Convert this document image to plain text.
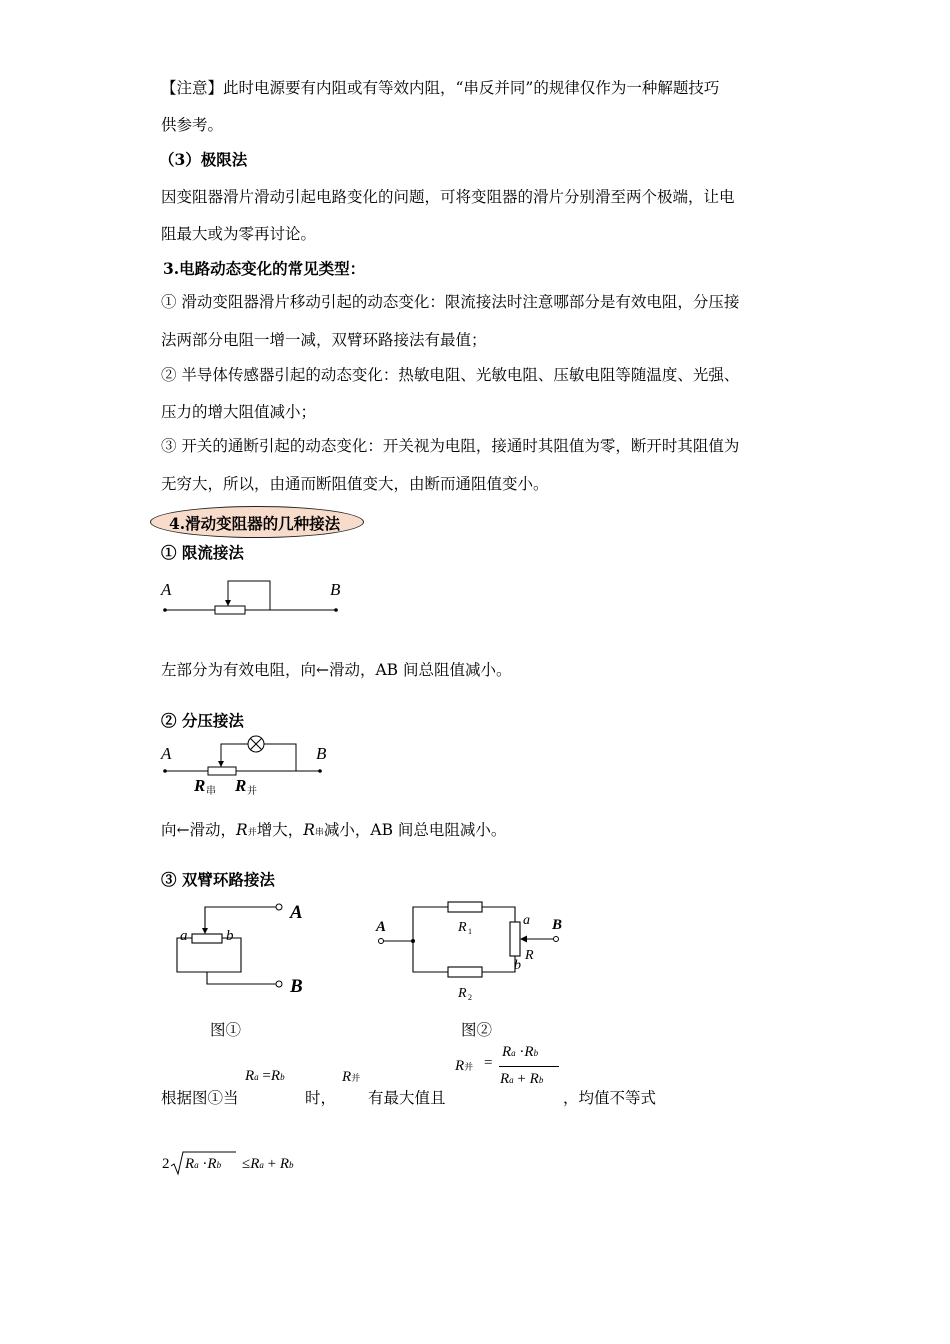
【注意】此时电源要有内阻或有等效内阻，“串反并同”的规律仅作为一种解题技巧
供参考。
（3）极限法
因变阻器滑片滑动引起电路变化的问题，可将变阻器的滑片分别滑至两个极端，让电
阻最大或为零再讨论。
3.电路动态变化的常见类型：
① 滑动变阻器滑片移动引起的动态变化：限流接法时注意哪部分是有效电阻，分压接
法两部分电阻一增一减，双臂环路接法有最值；
② 半导体传感器引起的动态变化：热敏电阻、光敏电阻、压敏电阻等随温度、光强、
压力的增大阻值减小；
③ 开关的通断引起的动态变化：开关视为电阻，接通时其阻值为零，断开时其阻值为
无穷大，所以，由通而断阻值变大，由断而通阻值变小。
4.滑动变阻器的几种接法
① 限流接法
A	B
左部分为有效电阻，向←滑动，AB 间总阻值减小。
② 分压接法
A	B
R 串 R 并
向←滑动，R并增大，R串减小，AB 间总电阻减小。
③ 双臂环路接法
A
B
a	b
图①
A	R 1
R 2
a
b
R
B
图②
根据图①当
Ra =Rb
时，
R并
有最大值且
R并 =
Ra ·Rb
Ra + Rb
，均值不等式
2 Ra ·Rb ≤Ra + Rb
